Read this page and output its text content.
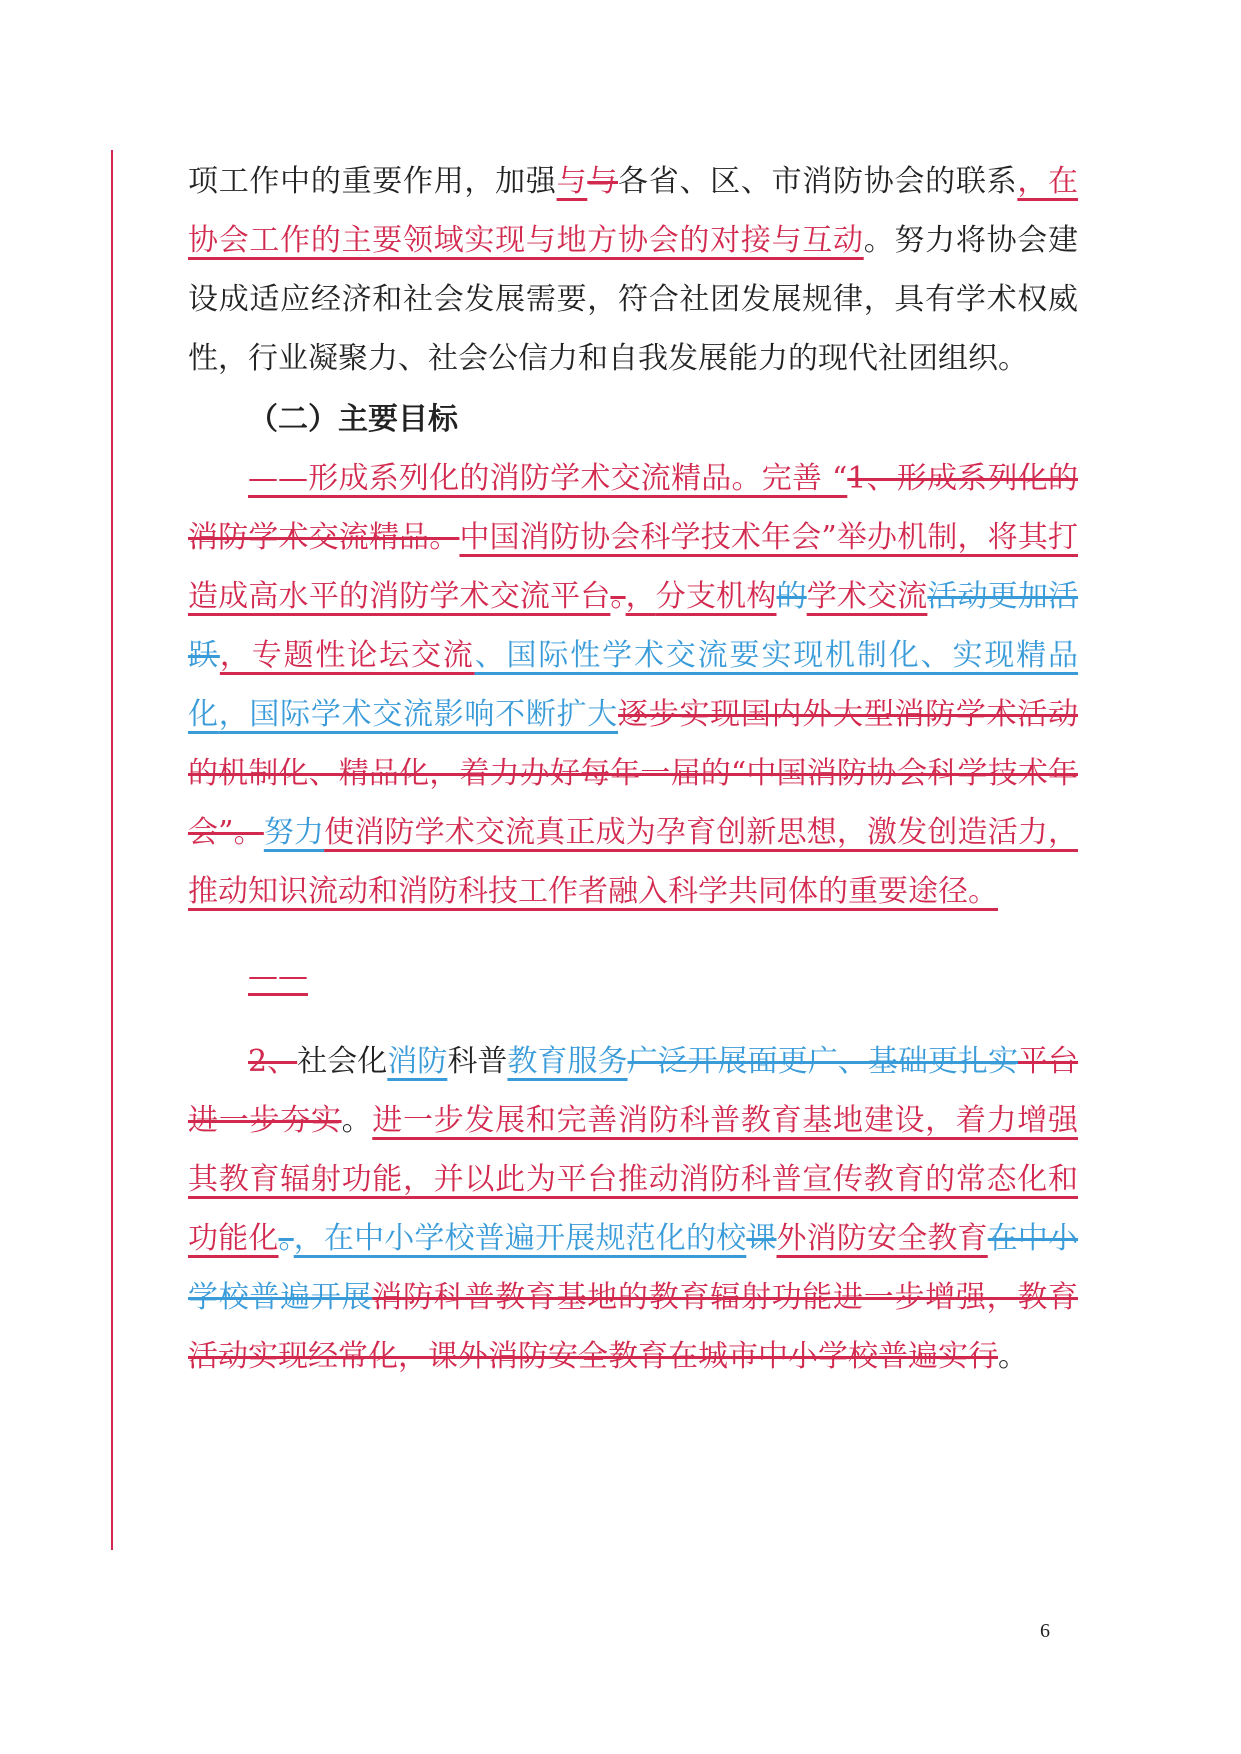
项工作中的重要作用，加强与与各省、区、市消防协会的联系，在协会工作的主要领域实现与地方协会的对接与互动。努力将协会建设成适应经济和社会发展需要，符合社团发展规律，具有学术权威性，行业凝聚力、社会公信力和自我发展能力的现代社团组织。

（二）主要目标

——形成系列化的消防学术交流精品。完善 “1、形成系列化的消防学术交流精品。中国消防协会科学技术年会”举办机制，将其打造成高水平的消防学术交流平台。，分支机构的学术交流活动更加活跃，专题性论坛交流、国际性学术交流要实现机制化、实现精品化，国际学术交流影响不断扩大逐步实现国内外大型消防学术活动的机制化、精品化，着力办好每年一届的“中国消防协会科学技术年会”。努力使消防学术交流真正成为孕育创新思想，激发创造活力，推动知识流动和消防科技工作者融入科学共同体的重要途径。

——

2、社会化消防科普教育服务广泛开展面更广、基础更扎实平台进一步夯实。进一步发展和完善消防科普教育基地建设，着力增强其教育辐射功能，并以此为平台推动消防科普宣传教育的常态化和功能化。，在中小学校普遍开展规范化的校课外消防安全教育在中小学校普遍开展消防科普教育基地的教育辐射功能进一步增强，教育活动实现经常化，课外消防安全教育在城市中小学校普遍实行。

6
